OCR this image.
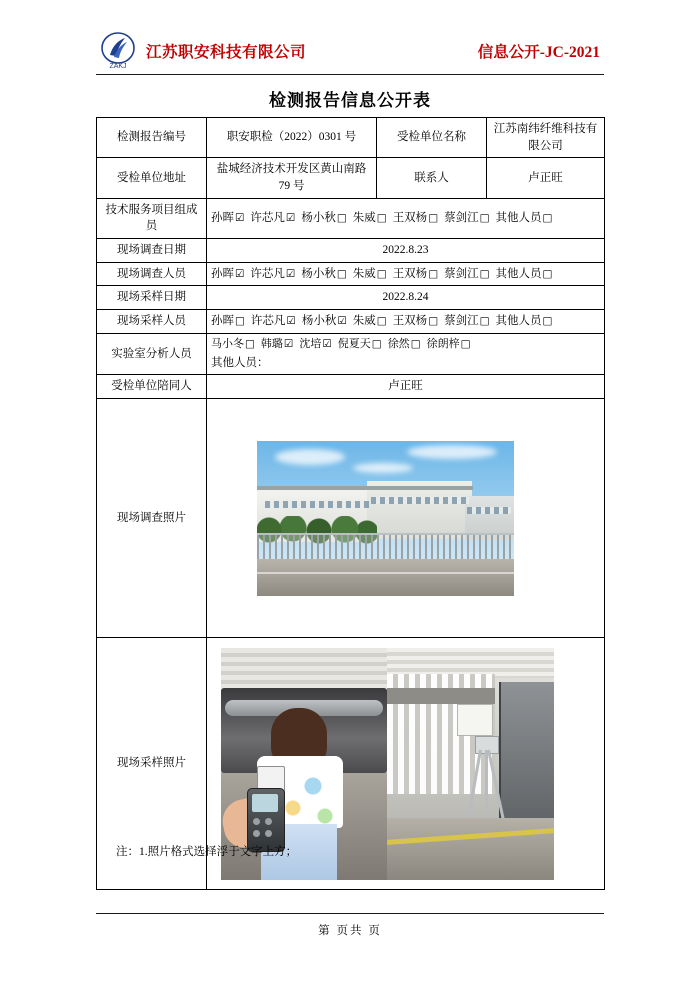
ZAKJ
江苏职安科技有限公司	信息公开-JC-2021
检测报告信息公开表
检测报告编号	职安职检（2022）0301 号	受检单位名称	江苏南纬纤维科技有限公司
受检单位地址	盐城经济技术开发区黄山南路 79 号	联系人	卢正旺
技术服务项目组成员	孙晖☑ 许芯凡☑ 杨小秋□ 朱威□ 王双杨□ 蔡剑江□ 其他人员□		
现场调查日期	2022.8.23		
现场调查人员	孙晖☑ 许芯凡☑ 杨小秋□ 朱威□ 王双杨□ 蔡剑江□ 其他人员□		
现场采样日期	2022.8.24		
现场采样人员	孙晖□ 许芯凡☑ 杨小秋☑ 朱威□ 王双杨□ 蔡剑江□ 其他人员□		
实验室分析人员	马小冬□ 韩璐☑ 沈培☑ 倪夏天□ 徐然□ 徐朗梓□
其他人员：		

受检单位陪同人	卢正旺		
现场调查照片			

现场采样照片			
注：1.照片格式选择浮于文字上方；
第 页共 页
